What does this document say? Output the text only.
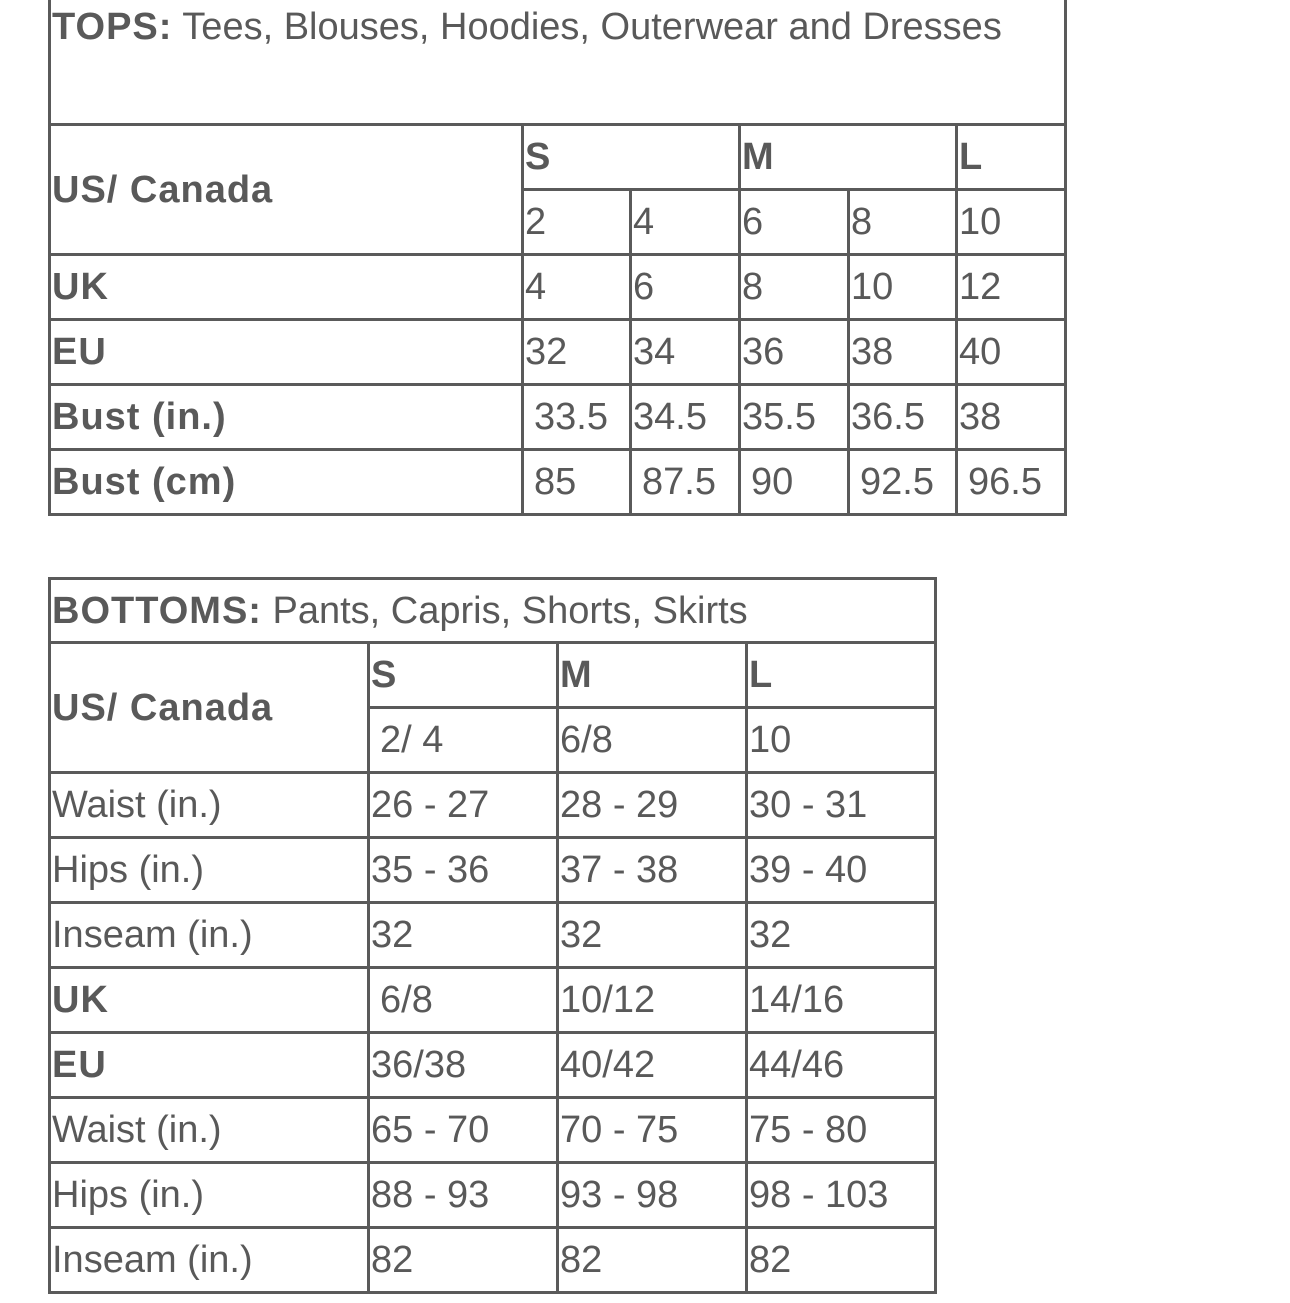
TOPS: Tees, Blouses, Hoodies, Outerwear and Dresses					
US/ Canada	S		M		L
	2	4	6	8	10
UK	4	6	8	10	12
EU	32	34	36	38	40
Bust (in.)	33.5	34.5	35.5	36.5	38
Bust (cm)	85	87.5	90	92.5	96.5
BOTTOMS: Pants, Capris, Shorts, Skirts			
US/ Canada	S	M	L
	2/ 4	6/8	10
Waist (in.)	26 - 27	28 - 29	30 - 31
Hips (in.)	35 - 36	37 - 38	39 - 40
Inseam (in.)	32	32	32
UK	6/8	10/12	14/16
EU	36/38	40/42	44/46
Waist (in.)	65 - 70	70 - 75	75 - 80
Hips (in.)	88 - 93	93 - 98	98 - 103
Inseam (in.)	82	82	82
